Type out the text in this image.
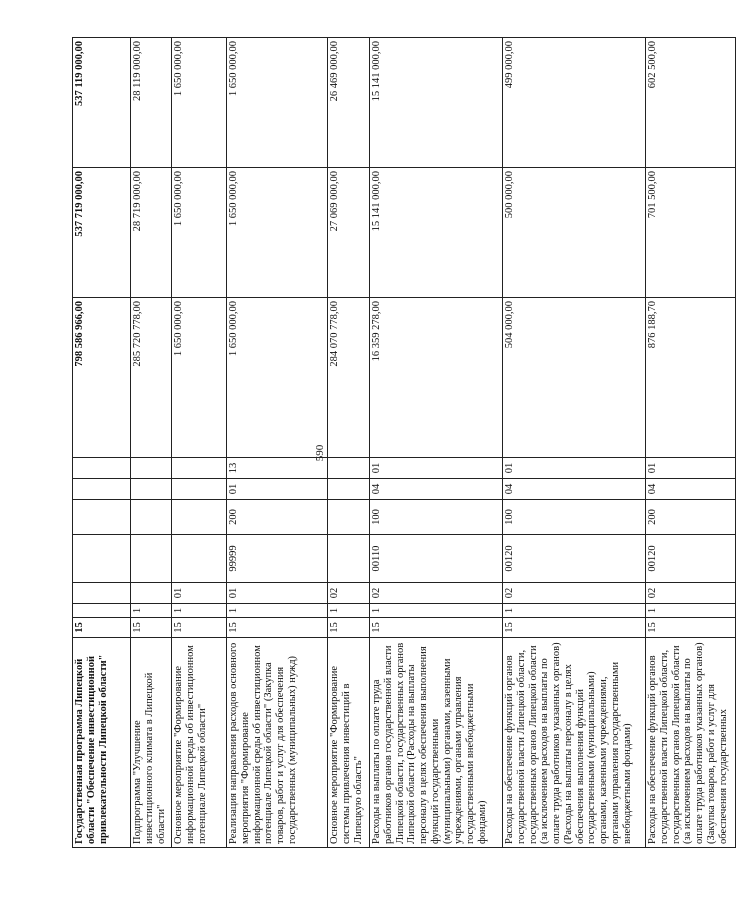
590
Государственная программа Липецкой области "Обеспечение инвестиционной привлекательности Липецкой области"	15							798 586 966,00	537 719 000,00	537 119 000,00
Подпрограмма "Улучшение инвестиционного климата в Липецкой области"	15	1						285 720 778,00	28 719 000,00	28 119 000,00
Основное мероприятие "Формирование информационной среды об инвестиционном потенциале Липецкой области"	15	1	01					1 650 000,00	1 650 000,00	1 650 000,00
Реализация направления расходов основного мероприятия "Формирование информационной среды об инвестиционном потенциале Липецкой области" (Закупка товаров, работ и услуг для обеспечения государственных (муниципальных) нужд)	15	1	01	99999	200	01	13	1 650 000,00	1 650 000,00	1 650 000,00
Основное мероприятие "Формирование системы привлечения инвестиций в Липецкую область"	15	1	02					284 070 778,00	27 069 000,00	26 469 000,00
Расходы на выплаты по оплате труда работников органов государственной власти Липецкой области, государственных органов Липецкой области (Расходы на выплаты персоналу в целях обеспечения выполнения функций государственными (муниципальными) органами, казенными учреждениями, органами управления государственными внебюджетными фондами)	15	1	02	00110	100	04	01	16 359 278,00	15 141 000,00	15 141 000,00
Расходы на обеспечение функций органов государственной власти Липецкой области, государственных органов Липецкой области (за исключением расходов на выплаты по оплате труда работников указанных органов) (Расходы на выплаты персоналу в целях обеспечения выполнения функций государственными (муниципальными) органами, казенными учреждениями, органами управления государственными внебюджетными фондами)	15	1	02	00120	100	04	01	504 000,00	500 000,00	499 000,00
Расходы на обеспечение функций органов государственной власти Липецкой области, государственных органов Липецкой области (за исключением расходов на выплаты по оплате труда работников указанных органов) (Закупка товаров, работ и услуг для обеспечения государственных	15	1	02	00120	200	04	01	876 188,70	701 500,00	602 500,00
